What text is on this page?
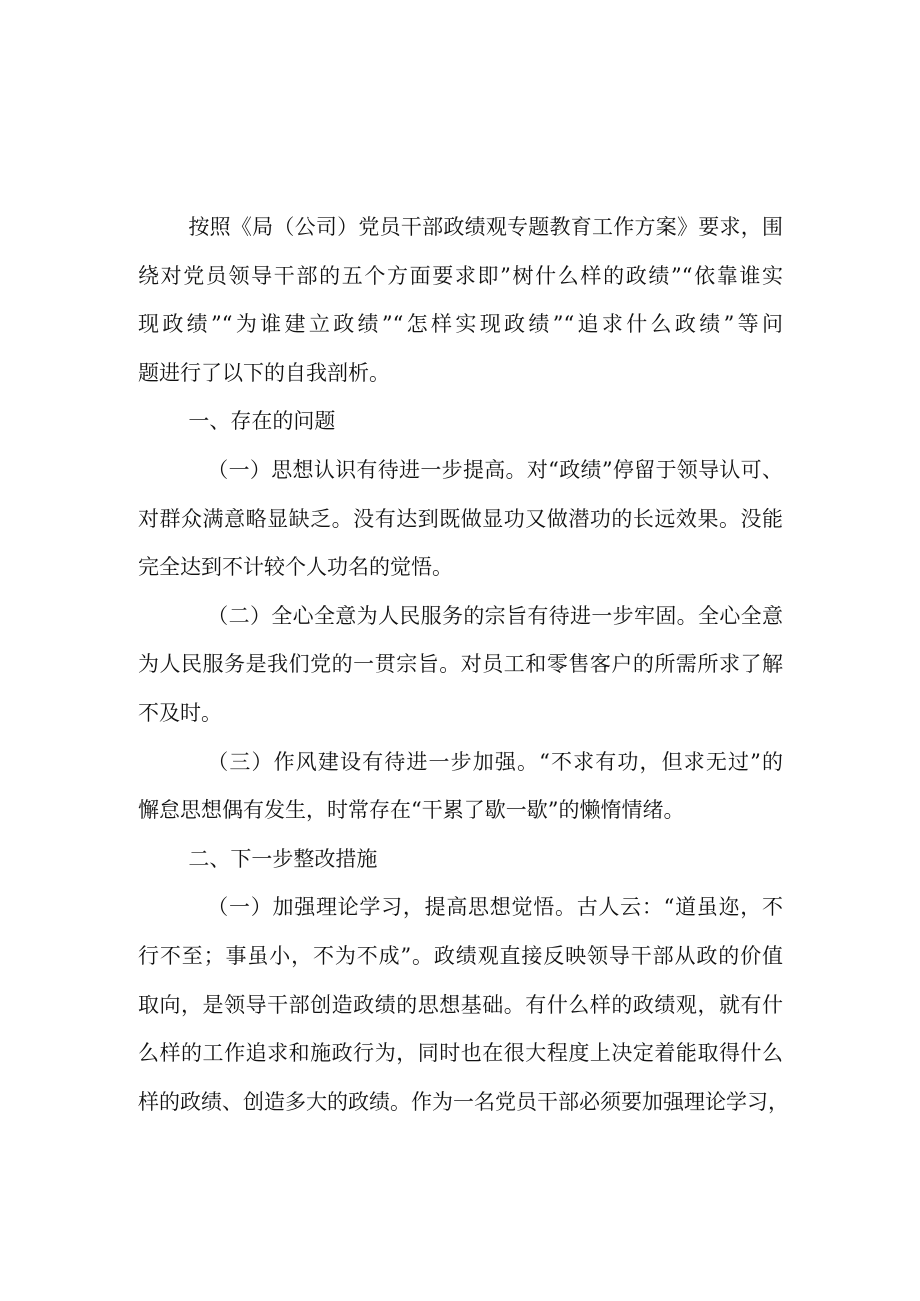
按照《局（公司）党员干部政绩观专题教育工作方案》要求，围
绕对党员领导干部的五个方面要求即”树什么样的政绩”“依靠谁实
现政绩”“为谁建立政绩”“怎样实现政绩”“追求什么政绩”等问
题进行了以下的自我剖析。

一、存在的问题

（一）思想认识有待进一步提高。对“政绩”停留于领导认可、
对群众满意略显缺乏。没有达到既做显功又做潜功的长远效果。没能
完全达到不计较个人功名的觉悟。

（二）全心全意为人民服务的宗旨有待进一步牢固。全心全意
为人民服务是我们党的一贯宗旨。对员工和零售客户的所需所求了解
不及时。

（三）作风建设有待进一步加强。“不求有功，但求无过”的
懈怠思想偶有发生，时常存在“干累了歇一歇”的懒惰情绪。

二、下一步整改措施

（一）加强理论学习，提高思想觉悟。古人云：“道虽迩，不
行不至；事虽小，不为不成”。政绩观直接反映领导干部从政的价值
取向，是领导干部创造政绩的思想基础。有什么样的政绩观，就有什
么样的工作追求和施政行为，同时也在很大程度上决定着能取得什么
样的政绩、创造多大的政绩。作为一名党员干部必须要加强理论学习，
